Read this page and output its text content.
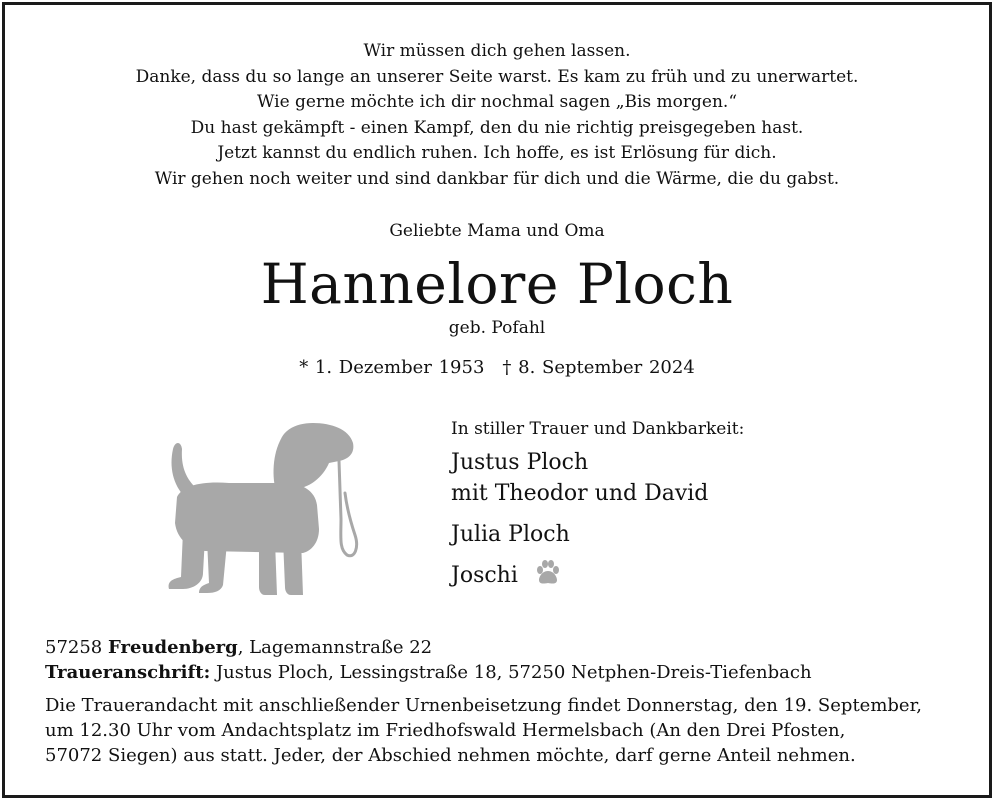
Wir müssen dich gehen lassen.
Danke, dass du so lange an unserer Seite warst. Es kam zu früh und zu unerwartet.
Wie gerne möchte ich dir nochmal sagen „Bis morgen.“
Du hast gekämpft - einen Kampf, den du nie richtig preisgegeben hast.
Jetzt kannst du endlich ruhen. Ich hoffe, es ist Erlösung für dich.
Wir gehen noch weiter und sind dankbar für dich und die Wärme, die du gabst.
Geliebte Mama und Oma
Hannelore Ploch
geb. Pofahl
* 1. Dezember 1953 † 8. September 2024
In stiller Trauer und Dankbarkeit:
Justus Ploch
mit Theodor und David
Julia Ploch
Joschi
57258 Freudenberg, Lagemannstraße 22
Traueranschrift: Justus Ploch, Lessingstraße 18, 57250 Netphen-Dreis-Tiefenbach
Die Trauerandacht mit anschließender Urnenbeisetzung findet Donnerstag, den 19. September,
um 12.30 Uhr vom Andachtsplatz im Friedhofswald Hermelsbach (An den Drei Pfosten,
57072 Siegen) aus statt. Jeder, der Abschied nehmen möchte, darf gerne Anteil nehmen.
